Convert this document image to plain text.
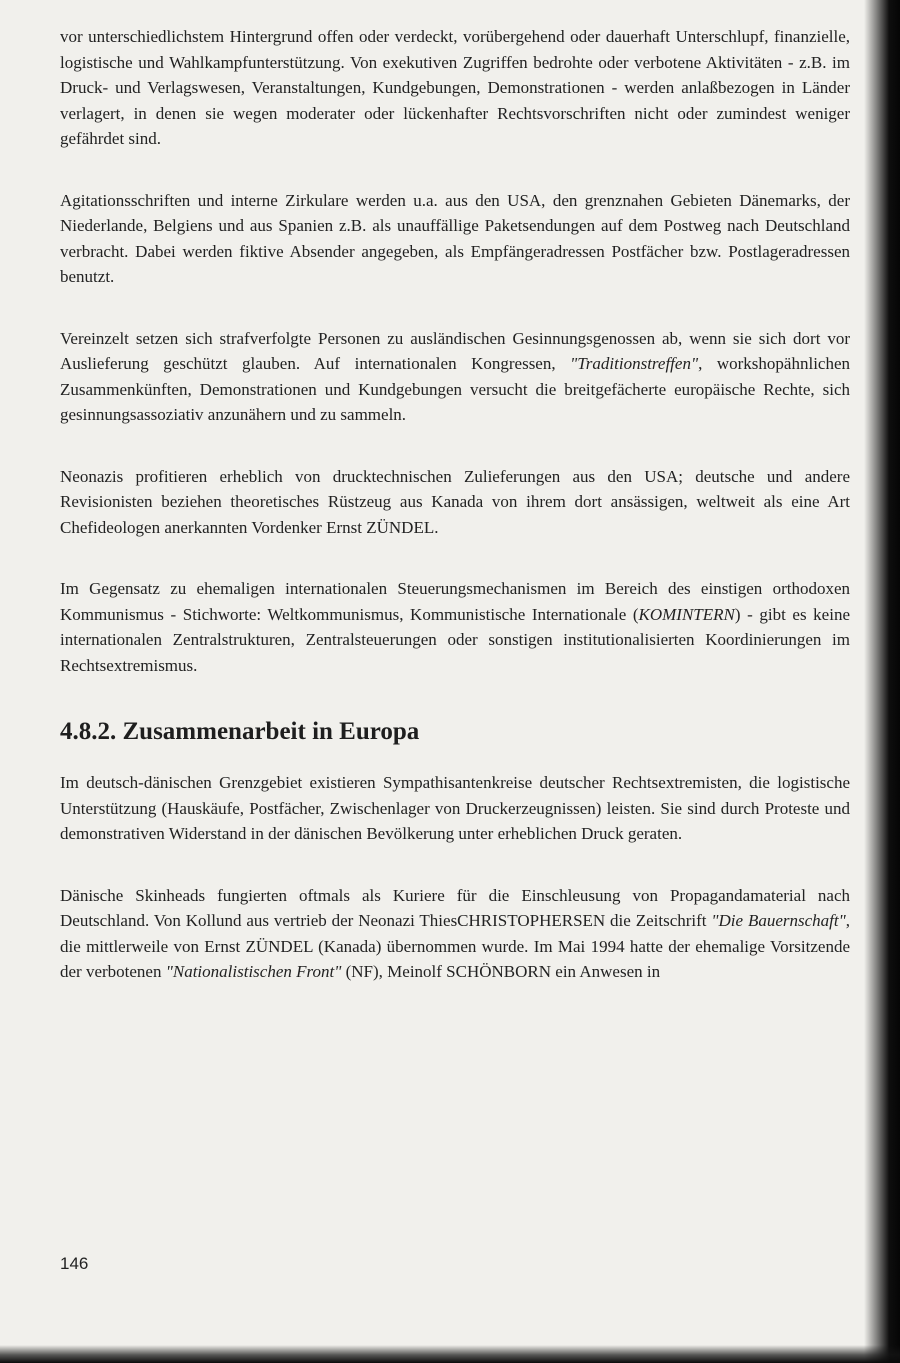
vor unterschiedlichstem Hintergrund offen oder verdeckt, vorübergehend oder dauerhaft Unterschlupf, finanzielle, logistische und Wahlkampfunterstützung. Von exekutiven Zugriffen bedrohte oder verbotene Aktivitäten - z.B. im Druck- und Verlagswesen, Veranstaltungen, Kundgebungen, Demonstrationen - werden anlaßbezogen in Länder verlagert, in denen sie wegen moderater oder lückenhafter Rechtsvorschriften nicht oder zumindest weniger gefährdet sind.

Agitationsschriften und interne Zirkulare werden u.a. aus den USA, den grenznahen Gebieten Dänemarks, der Niederlande, Belgiens und aus Spanien z.B. als unauffällige Paketsendungen auf dem Postweg nach Deutschland verbracht. Dabei werden fiktive Absender angegeben, als Empfängeradressen Postfächer bzw. Postlageradressen benutzt.

Vereinzelt setzen sich strafverfolgte Personen zu ausländischen Gesinnungsgenossen ab, wenn sie sich dort vor Auslieferung geschützt glauben. Auf internationalen Kongressen, "Traditionstreffen", workshopähnlichen Zusammenkünften, Demonstrationen und Kundgebungen versucht die breitgefächerte europäische Rechte, sich gesinnungsassoziativ anzunähern und zu sammeln.

Neonazis profitieren erheblich von drucktechnischen Zulieferungen aus den USA; deutsche und andere Revisionisten beziehen theoretisches Rüstzeug aus Kanada von ihrem dort ansässigen, weltweit als eine Art Chefideologen anerkannten Vordenker Ernst ZÜNDEL.

Im Gegensatz zu ehemaligen internationalen Steuerungsmechanismen im Bereich des einstigen orthodoxen Kommunismus - Stichworte: Weltkommunismus, Kommunistische Internationale (KOMINTERN) - gibt es keine internationalen Zentralstrukturen, Zentralsteuerungen oder sonstigen institutionalisierten Koordinierungen im Rechtsextremismus.

4.8.2. Zusammenarbeit in Europa

Im deutsch-dänischen Grenzgebiet existieren Sympathisantenkreise deutscher Rechtsextremisten, die logistische Unterstützung (Hauskäufe, Postfächer, Zwischenlager von Druckerzeugnissen) leisten. Sie sind durch Proteste und demonstrativen Widerstand in der dänischen Bevölkerung unter erheblichen Druck geraten.

Dänische Skinheads fungierten oftmals als Kuriere für die Einschleusung von Propagandamaterial nach Deutschland. Von Kollund aus vertrieb der Neonazi ThiesCHRISTOPHERSEN die Zeitschrift "Die Bauernschaft", die mittlerweile von Ernst ZÜNDEL (Kanada) übernommen wurde. Im Mai 1994 hatte der ehemalige Vorsitzende der verbotenen "Nationalistischen Front" (NF), Meinolf SCHÖNBORN ein Anwesen in

146
